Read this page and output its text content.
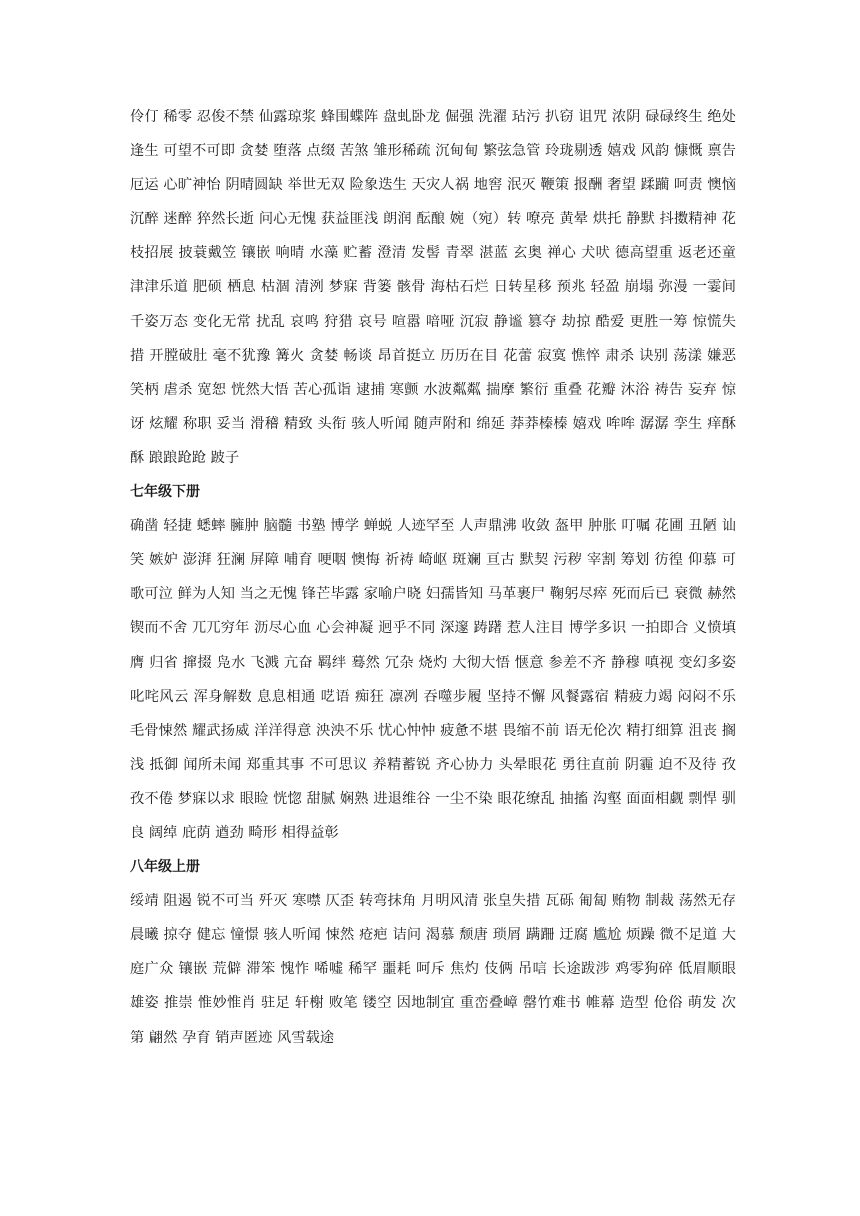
伶仃 稀零 忍俊不禁 仙露琼浆 蜂围蝶阵 盘虬卧龙 倔强 洗濯 玷污 扒窃 诅咒 浓阴 碌碌终生 绝处逢生 可望不可即 贪婪 堕落 点缀 苦煞 雏形稀疏 沉甸甸 繁弦急管 玲珑剔透 嬉戏 风韵 慷慨 禀告 厄运 心旷神怡 阴晴圆缺 举世无双 险象迭生 天灾人祸 地窖 泯灭 鞭策 报酬 奢望 蹂躏 呵责 懊恼 沉醉 迷醉 猝然长逝 问心无愧 获益匪浅 朗润 酝酿 婉（宛）转 嘹亮 黄晕 烘托 静默 抖擞精神 花枝招展 披蓑戴笠 镶嵌 响晴 水藻 贮蓄 澄清 发髻 青翠 湛蓝 玄奥 禅心 犬吠 德高望重 返老还童 津津乐道 肥硕 栖息 枯涸 清洌 梦寐 背篓 骸骨 海枯石烂 日转星移 预兆 轻盈 崩塌 弥漫 一霎间 千姿万态 变化无常 扰乱 哀鸣 狩猎 哀号 喧嚣 喑哑 沉寂 静谧 篡夺 劫掠 酷爱 更胜一筹 惊慌失措 开膛破肚 毫不犹豫 篝火 贪婪 畅谈 昂首挺立 历历在目 花蕾 寂寞 憔悴 肃杀 诀别 荡漾 嫌恶 笑柄 虐杀 宽恕 恍然大悟 苦心孤诣 逮捕 寒颤 水波粼粼 揣摩 繁衍 重叠 花瓣 沐浴 祷告 妄弃 惊讶 炫耀 称职 妥当 滑稽 精致 头衔 骇人听闻 随声附和 绵延 莽莽榛榛 嬉戏 哞哞 潺潺 孪生 痒酥酥 踉踉跄跄 跛子

七年级下册

确凿 轻捷 蟋蟀 臃肿 脑髓 书塾 博学 蝉蜕 人迹罕至 人声鼎沸 收敛 盔甲 肿胀 叮嘱 花圃 丑陋 讪笑 嫉妒 澎湃 狂澜 屏障 哺育 哽咽 懊悔 祈祷 崎岖 斑斓 亘古 默契 污秽 宰割 筹划 彷徨 仰慕 可歌可泣 鲜为人知 当之无愧 锋芒毕露 家喻户晓 妇孺皆知 马革裹尸 鞠躬尽瘁 死而后已 衰微 赫然 锲而不舍 兀兀穷年 沥尽心血 心会神凝 迥乎不同 深邃 踌躇 惹人注目 博学多识 一拍即合 义愤填膺 归省 撺掇 凫水 飞溅 亢奋 羁绊 蓦然 冗杂 烧灼 大彻大悟 惬意 参差不齐 静穆 嗔视 变幻多姿 叱咤风云 浑身解数 息息相通 呓语 痴狂 凛冽 吞噬步履 坚持不懈 风餐露宿 精疲力竭 闷闷不乐 毛骨悚然 耀武扬威 洋洋得意 泱泱不乐 忧心忡忡 疲惫不堪 畏缩不前 语无伦次 精打细算 沮丧 搁浅 抵御 闻所未闻 郑重其事 不可思议 养精蓄锐 齐心协力 头晕眼花 勇往直前 阴霾 迫不及待 孜孜不倦 梦寐以求 眼睑 恍惚 甜腻 娴熟 进退维谷 一尘不染 眼花缭乱 抽搐 沟壑 面面相觑 剽悍 驯良 阔绰 庇荫 遒劲 畸形 相得益彰

八年级上册

绥靖 阻遏 锐不可当 歼灭 寒噤 仄歪 转弯抹角 月明风清 张皇失措 瓦砾 匍匐 贿物 制裁 荡然无存 晨曦 掠夺 健忘 憧憬 骇人听闻 悚然 疮疤 诘问 渴慕 颓唐 琐屑 蹒跚 迂腐 尴尬 烦躁 微不足道 大庭广众 镶嵌 荒僻 滞笨 愧怍 唏嘘 稀罕 噩耗 呵斥 焦灼 伎俩 吊唁 长途跋涉 鸡零狗碎 低眉顺眼 雄姿 推崇 惟妙惟肖 驻足 轩榭 败笔 镂空 因地制宜 重峦叠嶂 罄竹难书 帷幕 造型 伧俗 萌发 次第 翩然 孕育 销声匿迹 风雪载途
